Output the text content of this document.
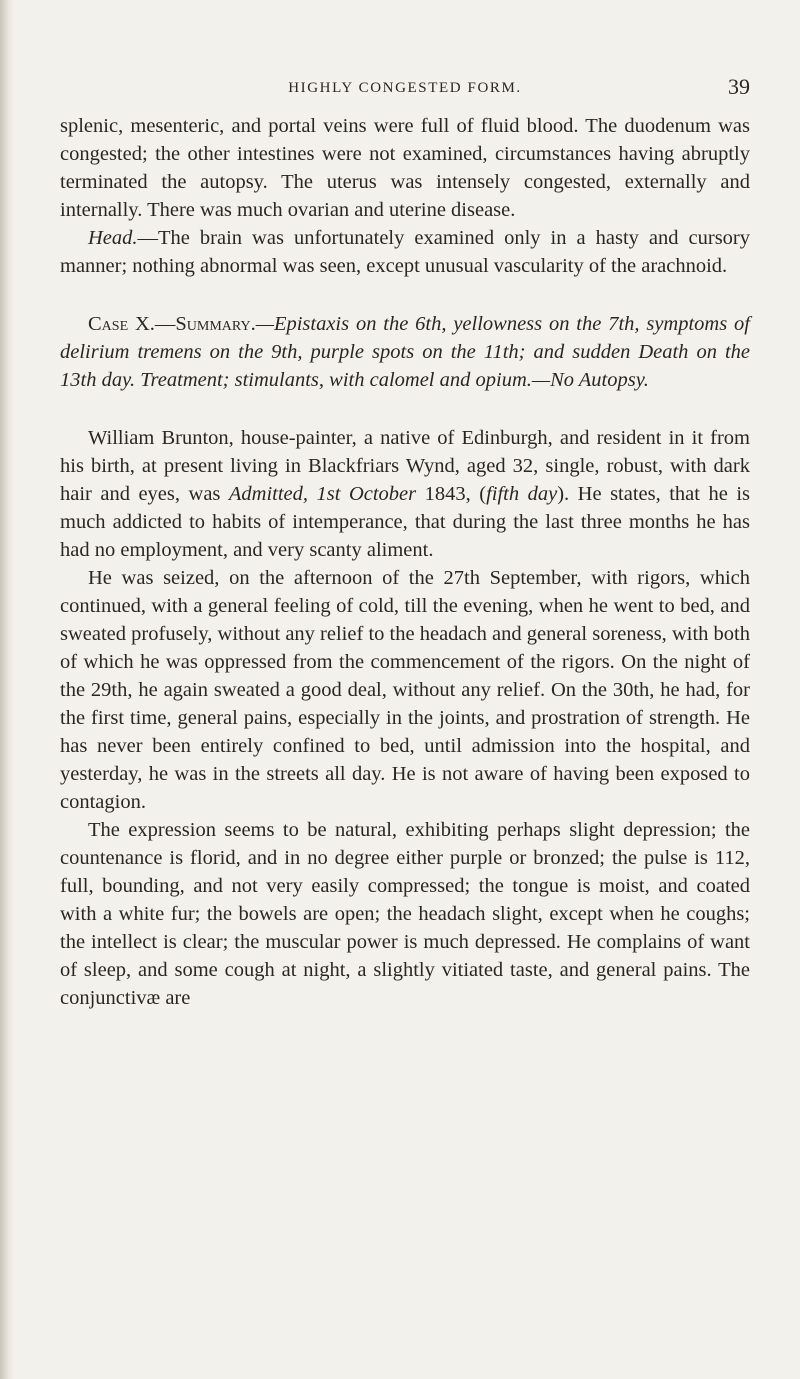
HIGHLY CONGESTED FORM.	39

splenic, mesenteric, and portal veins were full of fluid blood. The duodenum was congested; the other intestines were not examined, circumstances having abruptly terminated the autopsy. The uterus was intensely congested, externally and internally. There was much ovarian and uterine disease.

Head.—The brain was unfortunately examined only in a hasty and cursory manner; nothing abnormal was seen, except unusual vascularity of the arachnoid.

Case X.—Summary.—Epistaxis on the 6th, yellowness on the 7th, symptoms of delirium tremens on the 9th, purple spots on the 11th; and sudden Death on the 13th day. Treatment; stimulants, with calomel and opium.—No Autopsy.

William Brunton, house-painter, a native of Edinburgh, and resident in it from his birth, at present living in Blackfriars Wynd, aged 32, single, robust, with dark hair and eyes, was Admitted, 1st October 1843, (fifth day). He states, that he is much addicted to habits of intemperance, that during the last three months he has had no employment, and very scanty aliment.

He was seized, on the afternoon of the 27th September, with rigors, which continued, with a general feeling of cold, till the evening, when he went to bed, and sweated profusely, without any relief to the headach and general soreness, with both of which he was oppressed from the commencement of the rigors. On the night of the 29th, he again sweated a good deal, without any relief. On the 30th, he had, for the first time, general pains, especially in the joints, and prostration of strength. He has never been entirely confined to bed, until admission into the hospital, and yesterday, he was in the streets all day. He is not aware of having been exposed to contagion.

The expression seems to be natural, exhibiting perhaps slight depression; the countenance is florid, and in no degree either purple or bronzed; the pulse is 112, full, bounding, and not very easily compressed; the tongue is moist, and coated with a white fur; the bowels are open; the headach slight, except when he coughs; the intellect is clear; the muscular power is much depressed. He complains of want of sleep, and some cough at night, a slightly vitiated taste, and general pains. The conjunctivæ are
